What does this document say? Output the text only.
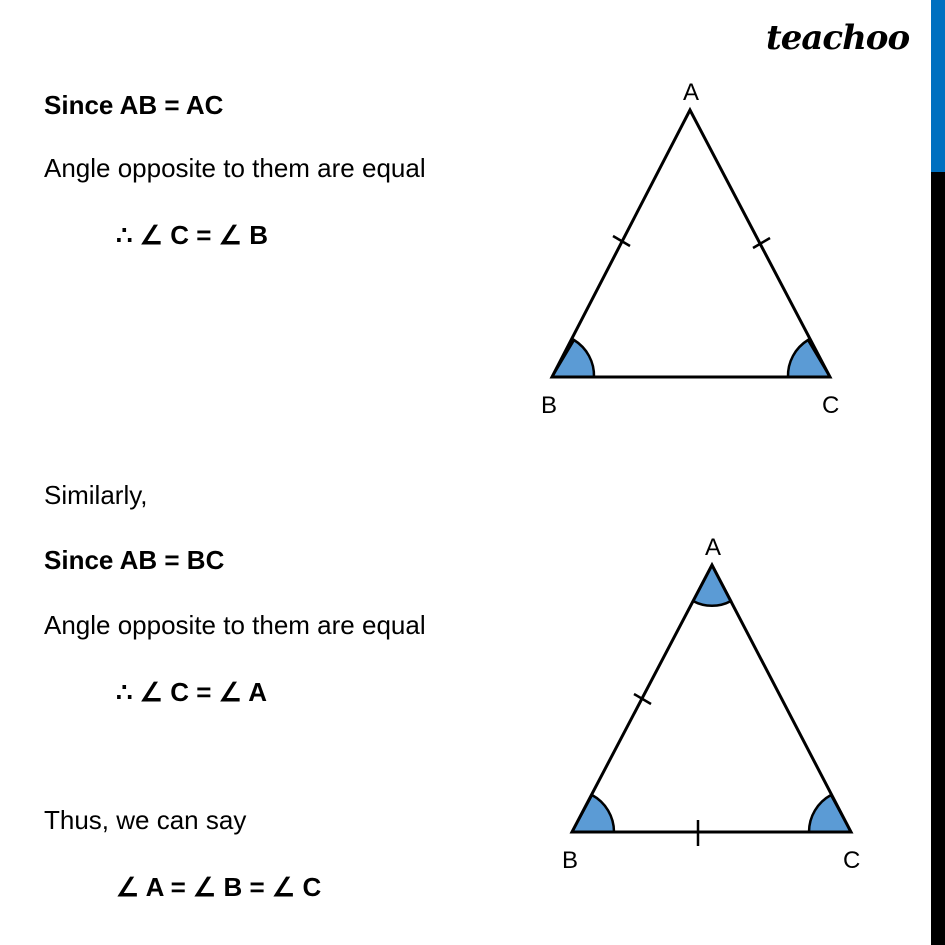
teachoo
Since AB = AC
Angle opposite to them are equal
∴ ∠ C = ∠ B
Similarly,
Since AB = BC
Angle opposite to them are equal
∴ ∠ C = ∠ A
Thus, we can say
∠ A = ∠ B = ∠ C
A
B	C
A
B	C
